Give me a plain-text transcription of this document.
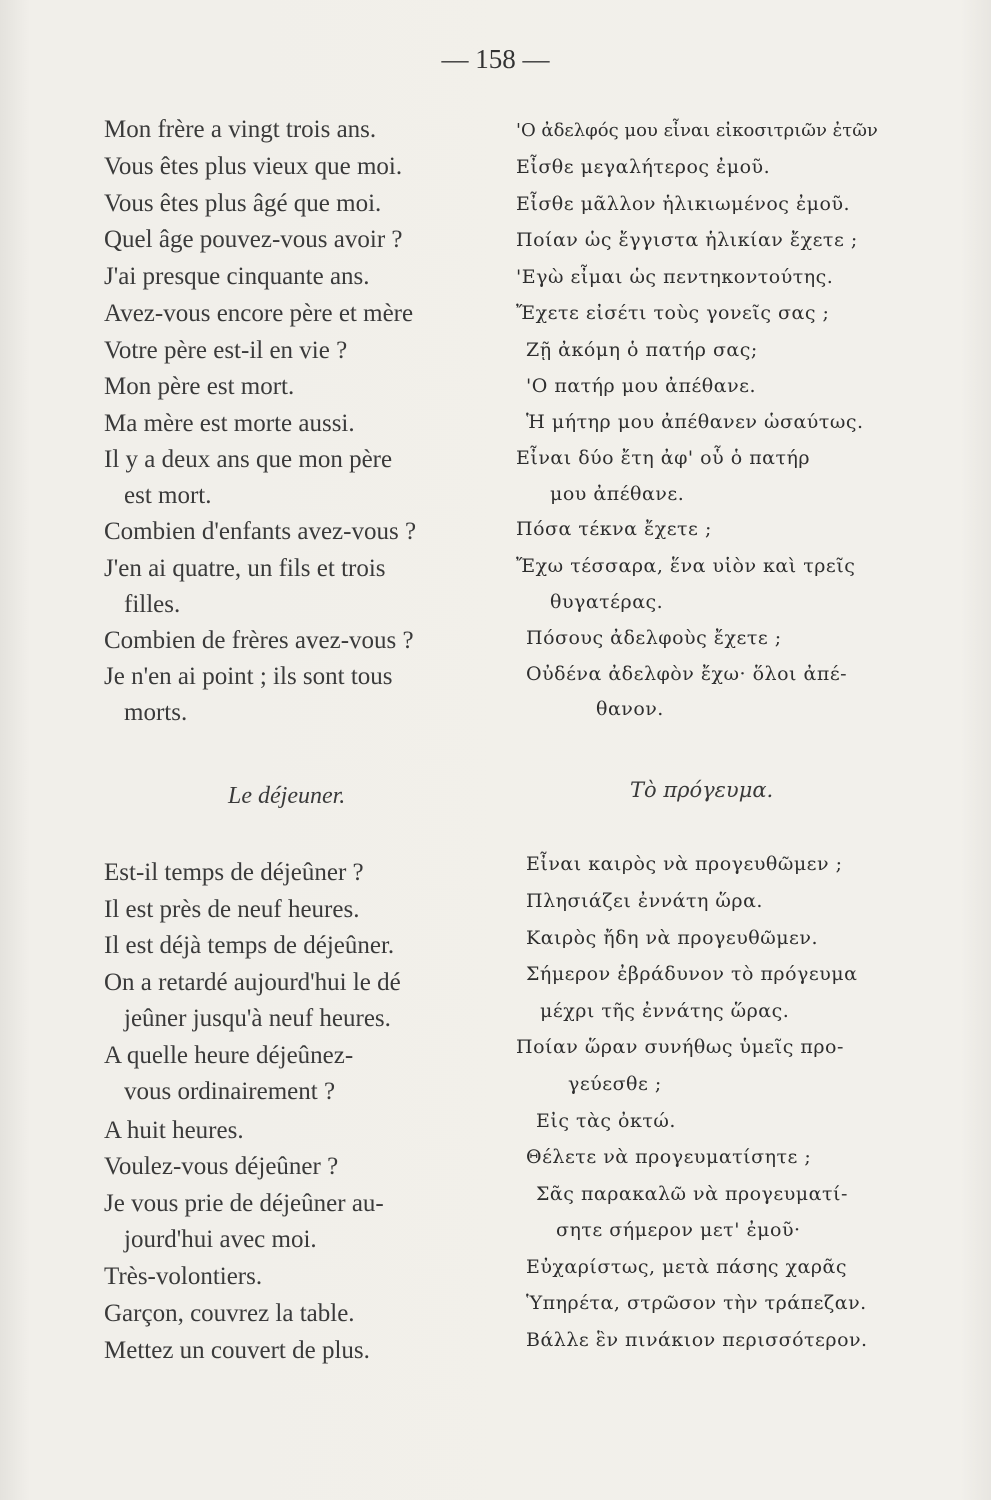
— 158 —
Mon frère a vingt trois ans.
Vous êtes plus vieux que moi.
Vous êtes plus âgé que moi.
Quel âge pouvez-vous avoir ?
J'ai presque cinquante ans.
Avez-vous encore père et mère
Votre père est-il en vie ?
Mon père est mort.
Ma mère est morte aussi.
Il y a deux ans que mon père
est mort.
Combien d'enfants avez-vous ?
J'en ai quatre, un fils et trois
filles.
Combien de frères avez-vous ?
Je n'en ai point ; ils sont tous
morts.
'Ο ἀδελφός μου εἶναι εἰκοσιτριῶν ἐτῶν
Εἶσθε μεγαλήτερος ἐμοῦ.
Εἶσθε μᾶλλον ἡλικιωμένος ἐμοῦ.
Ποίαν ὡς ἔγγιστα ἡλικίαν ἔχετε ;
'Εγὼ εἶμαι ὡς πεντηκοντούτης.
Ἔχετε εἰσέτι τοὺς γονεῖς σας ;
Ζῇ ἀκόμη ὁ πατήρ σας;
'Ο πατήρ μου ἀπέθανε.
Ἡ μήτηρ μου ἀπέθανεν ὡσαύτως.
Εἶναι δύο ἔτη ἀφ' οὗ ὁ πατήρ
μου ἀπέθανε.
Πόσα τέκνα ἔχετε ;
Ἔχω τέσσαρα, ἕνα υἱὸν καὶ τρεῖς
θυγατέρας.
Πόσους ἀδελφοὺς ἔχετε ;
Οὐδένα ἀδελφὸν ἔχω· ὅλοι ἀπέ-
θανον.
Le déjeuner.	Τὸ πρόγευμα.
Est-il temps de déjeûner ?
Il est près de neuf heures.
Il est déjà temps de déjeûner.
On a retardé aujourd'hui le dé
jeûner jusqu'à neuf heures.
A quelle heure déjeûnez-
vous ordinairement ?
A huit heures.
Voulez-vous déjeûner ?
Je vous prie de déjeûner au-
jourd'hui avec moi.
Très-volontiers.
Garçon, couvrez la table.
Mettez un couvert de plus.
Εἶναι καιρὸς νὰ προγευθῶμεν ;
Πλησιάζει ἐννάτη ὥρα.
Καιρὸς ἤδη νὰ προγευθῶμεν.
Σήμερον ἐβράδυνον τὸ πρόγευμα
μέχρι τῆς ἐννάτης ὥρας.
Ποίαν ὥραν συνήθως ὑμεῖς προ-
γεύεσθε ;
Εἰς τὰς ὀκτώ.
Θέλετε νὰ προγευματίσητε ;
Σᾶς παρακαλῶ νὰ προγευματί-
σητε σήμερον μετ' ἐμοῦ·
Εὐχαρίστως, μετὰ πάσης χαρᾶς
Ὑπηρέτα, στρῶσον τὴν τράπεζαν.
Βάλλε ἓν πινάκιον περισσότερον.
